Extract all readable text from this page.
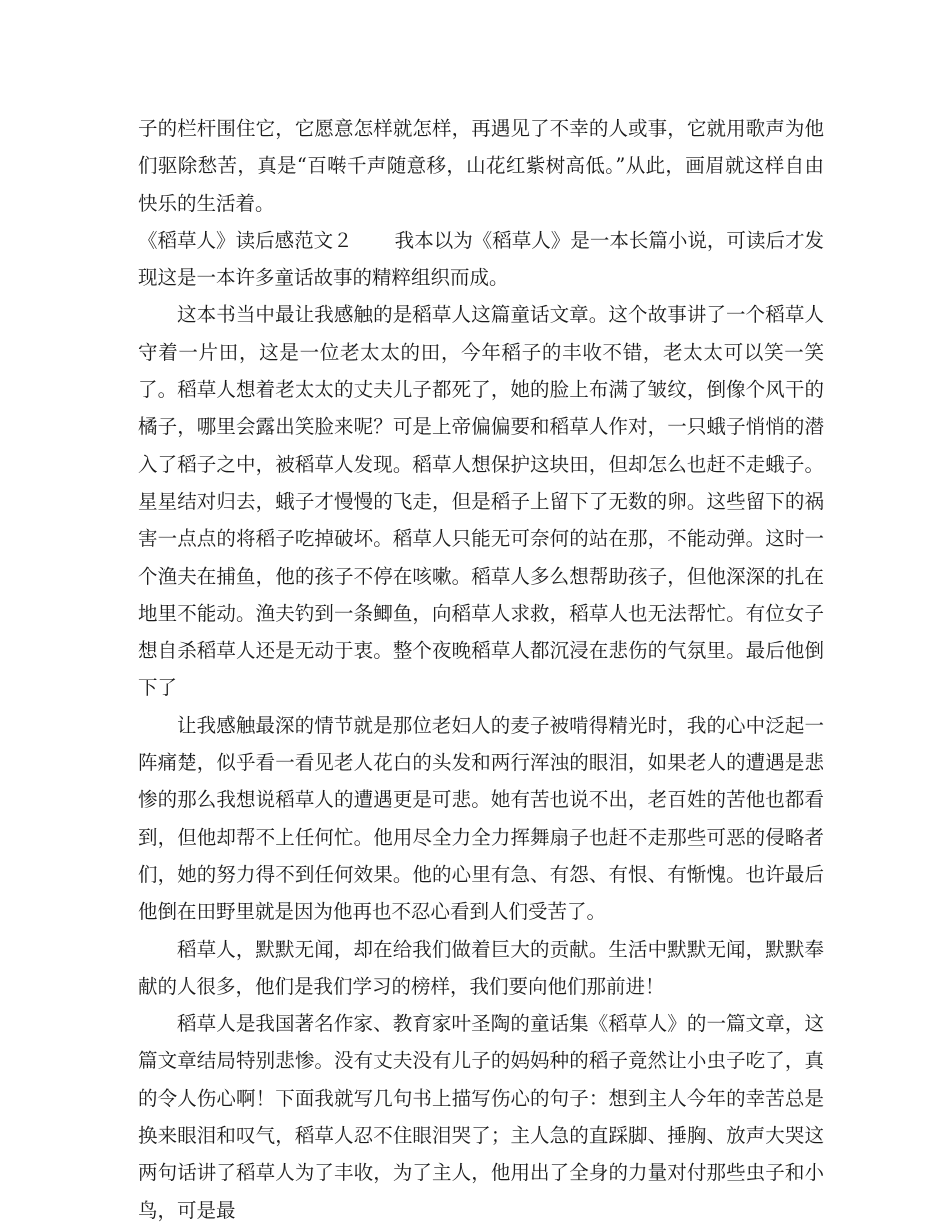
子的栏杆围住它，它愿意怎样就怎样，再遇见了不幸的人或事，它就用歌声为他们驱除愁苦，真是“百啭千声随意移，山花红紫树高低。”从此，画眉就这样自由快乐的生活着。

《稻草人》读后感范文２ 我本以为《稻草人》是一本长篇小说，可读后才发现这是一本许多童话故事的精粹组织而成。

这本书当中最让我感触的是稻草人这篇童话文章。这个故事讲了一个稻草人守着一片田，这是一位老太太的田，今年稻子的丰收不错，老太太可以笑一笑了。稻草人想着老太太的丈夫儿子都死了，她的脸上布满了皱纹，倒像个风干的橘子，哪里会露出笑脸来呢？可是上帝偏偏要和稻草人作对，一只蛾子悄悄的潜入了稻子之中，被稻草人发现。稻草人想保护这块田，但却怎么也赶不走蛾子。星星结对归去，蛾子才慢慢的飞走，但是稻子上留下了无数的卵。这些留下的祸害一点点的将稻子吃掉破坏。稻草人只能无可奈何的站在那，不能动弹。这时一个渔夫在捕鱼，他的孩子不停在咳嗽。稻草人多么想帮助孩子，但他深深的扎在地里不能动。渔夫钓到一条鲫鱼，向稻草人求救，稻草人也无法帮忙。有位女子想自杀稻草人还是无动于衷。整个夜晚稻草人都沉浸在悲伤的气氛里。最后他倒下了

让我感触最深的情节就是那位老妇人的麦子被啃得精光时，我的心中泛起一阵痛楚，似乎看一看见老人花白的头发和两行浑浊的眼泪，如果老人的遭遇是悲惨的那么我想说稻草人的遭遇更是可悲。她有苦也说不出，老百姓的苦他也都看到，但他却帮不上任何忙。他用尽全力全力挥舞扇子也赶不走那些可恶的侵略者们，她的努力得不到任何效果。他的心里有急、有怨、有恨、有惭愧。也许最后他倒在田野里就是因为他再也不忍心看到人们受苦了。

稻草人，默默无闻，却在给我们做着巨大的贡献。生活中默默无闻，默默奉献的人很多，他们是我们学习的榜样，我们要向他们那前进！

稻草人是我国著名作家、教育家叶圣陶的童话集《稻草人》的一篇文章，这篇文章结局特别悲惨。没有丈夫没有儿子的妈妈种的稻子竟然让小虫子吃了，真的令人伤心啊！下面我就写几句书上描写伤心的句子：想到主人今年的幸苦总是换来眼泪和叹气，稻草人忍不住眼泪哭了；主人急的直踩脚、捶胸、放声大哭这两句话讲了稻草人为了丰收，为了主人，他用出了全身的力量对付那些虫子和小鸟，可是最
